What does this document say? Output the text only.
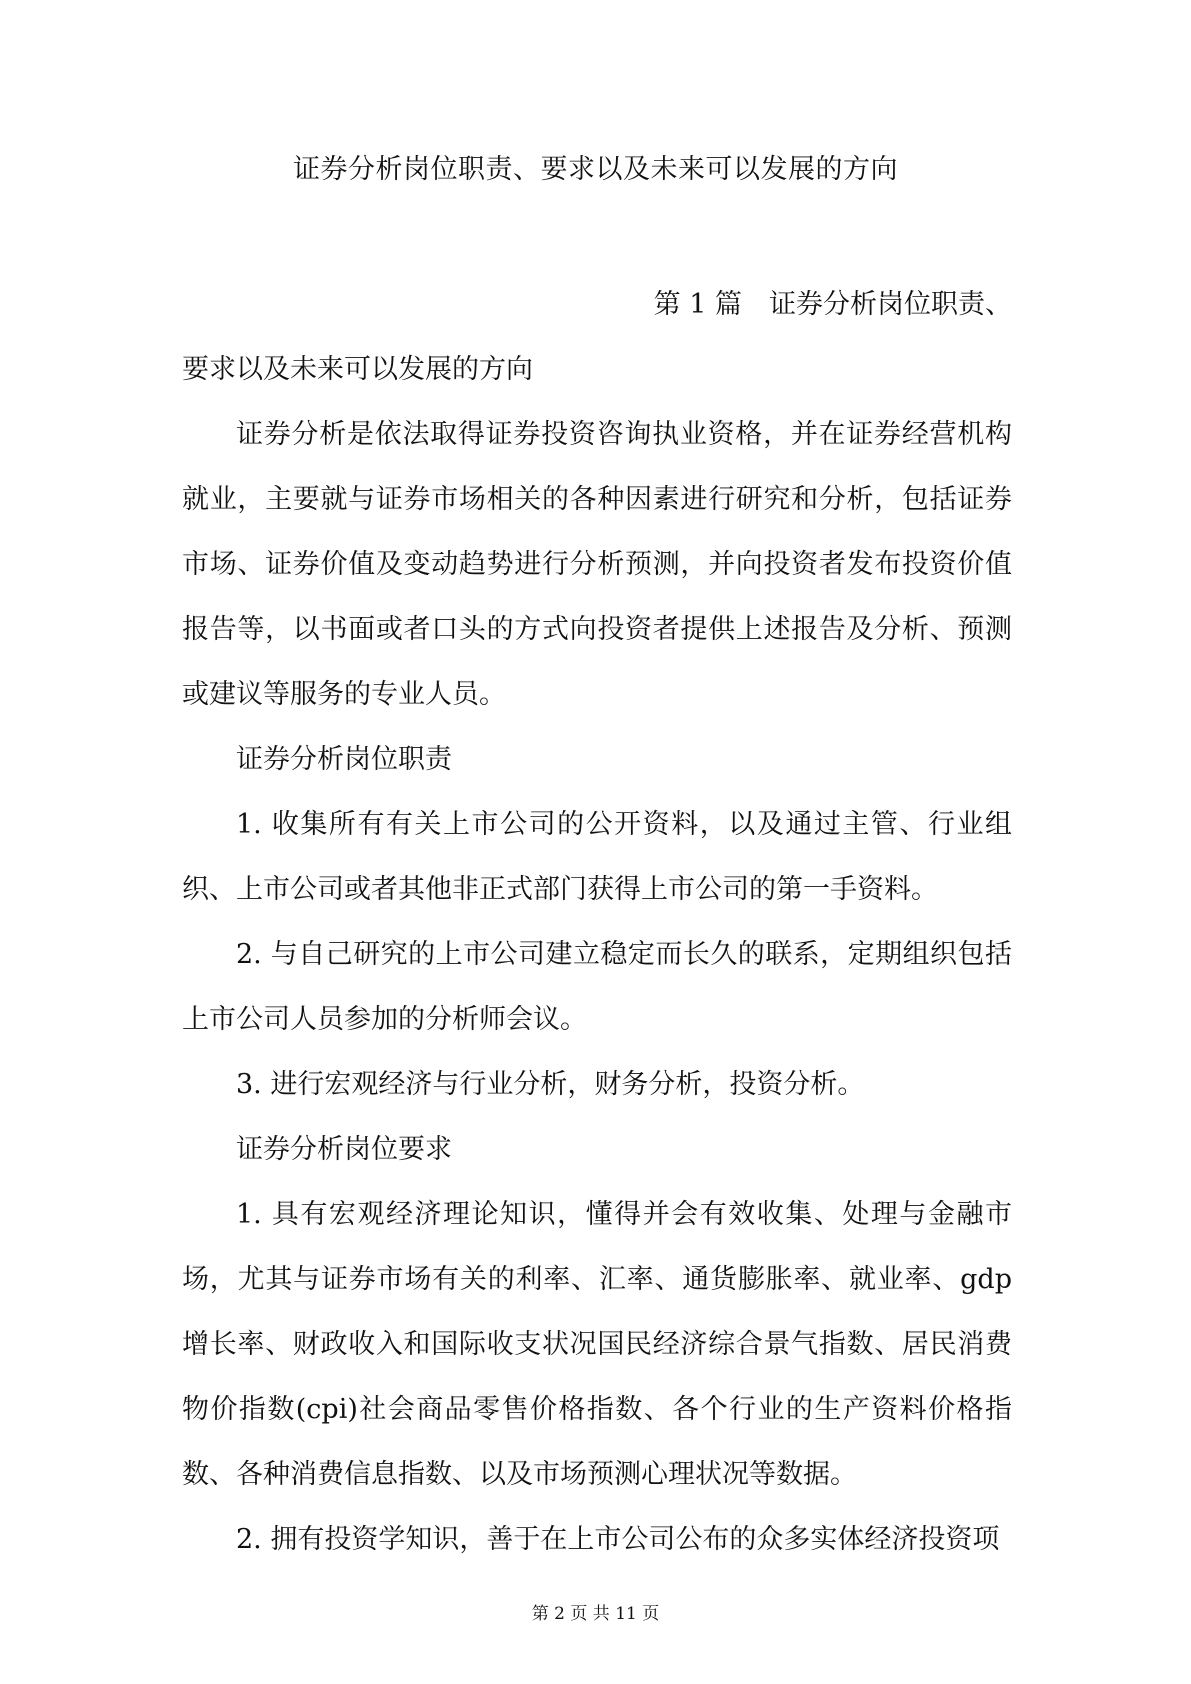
证券分析岗位职责、要求以及未来可以发展的方向

第 1 篇　证券分析岗位职责、

要求以及未来可以发展的方向

证券分析是依法取得证券投资咨询执业资格，并在证券经营机构就业，主要就与证券市场相关的各种因素进行研究和分析，包括证券市场、证券价值及变动趋势进行分析预测，并向投资者发布投资价值报告等，以书面或者口头的方式向投资者提供上述报告及分析、预测或建议等服务的专业人员。

证券分析岗位职责

1. 收集所有有关上市公司的公开资料，以及通过主管、行业组织、上市公司或者其他非正式部门获得上市公司的第一手资料。

2. 与自己研究的上市公司建立稳定而长久的联系，定期组织包括上市公司人员参加的分析师会议。

3. 进行宏观经济与行业分析，财务分析，投资分析。

证券分析岗位要求

1. 具有宏观经济理论知识，懂得并会有效收集、处理与金融市场，尤其与证券市场有关的利率、汇率、通货膨胀率、就业率、gdp 增长率、财政收入和国际收支状况国民经济综合景气指数、居民消费物价指数(cpi)社会商品零售价格指数、各个行业的生产资料价格指数、各种消费信息指数、以及市场预测心理状况等数据。

2. 拥有投资学知识，善于在上市公司公布的众多实体经济投资项

第 2 页 共 11 页
